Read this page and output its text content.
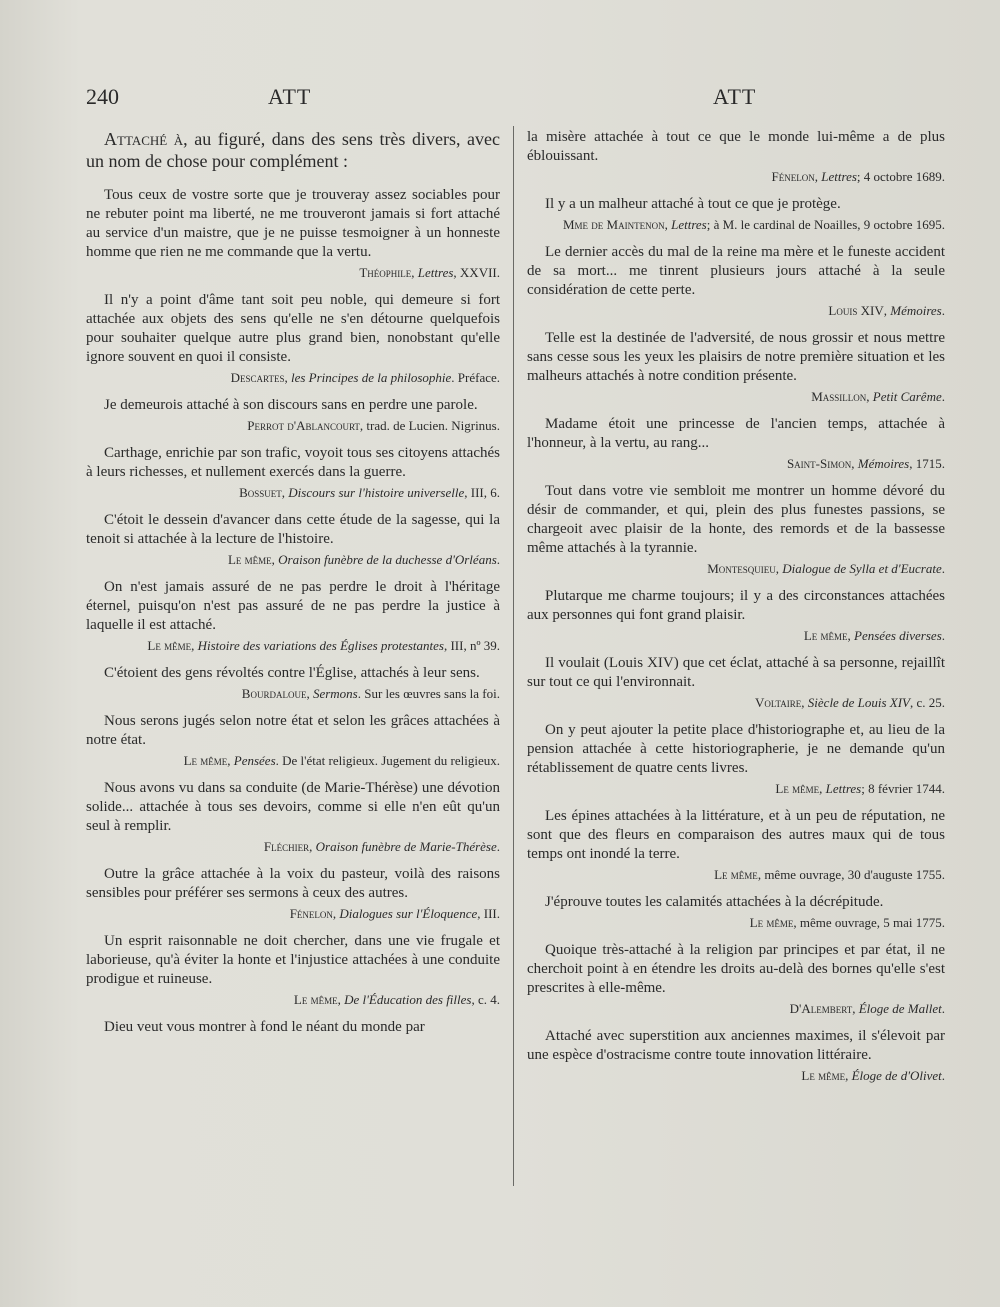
240	ATT	ATT

Attaché à, au figuré, dans des sens très divers, avec un nom de chose pour complément :

Tous ceux de vostre sorte que je trouveray assez sociables pour ne rebuter point ma liberté, ne me trouveront jamais si fort attaché au service d'un maistre, que je ne puisse tesmoigner à un honneste homme que rien ne me commande que la vertu.

Théophile, Lettres, XXVII.

Il n'y a point d'âme tant soit peu noble, qui demeure si fort attachée aux objets des sens qu'elle ne s'en détourne quelquefois pour souhaiter quelque autre plus grand bien, nonobstant qu'elle ignore souvent en quoi il consiste.

Descartes, les Principes de la philosophie. Préface.

Je demeurois attaché à son discours sans en perdre une parole.

Perrot d'Ablancourt, trad. de Lucien. Nigrinus.

Carthage, enrichie par son trafic, voyoit tous ses citoyens attachés à leurs richesses, et nullement exercés dans la guerre.

Bossuet, Discours sur l'histoire universelle, III, 6.

C'étoit le dessein d'avancer dans cette étude de la sagesse, qui la tenoit si attachée à la lecture de l'histoire.

Le même, Oraison funèbre de la duchesse d'Orléans.

On n'est jamais assuré de ne pas perdre le droit à l'héritage éternel, puisqu'on n'est pas assuré de ne pas perdre la justice à laquelle il est attaché.

Le même, Histoire des variations des Églises protestantes, III, nº 39.

C'étoient des gens révoltés contre l'Église, attachés à leur sens.

Bourdaloue, Sermons. Sur les œuvres sans la foi.

Nous serons jugés selon notre état et selon les grâces attachées à notre état.

Le même, Pensées. De l'état religieux. Jugement du religieux.

Nous avons vu dans sa conduite (de Marie-Thérèse) une dévotion solide... attachée à tous ses devoirs, comme si elle n'en eût qu'un seul à remplir.

Fléchier, Oraison funèbre de Marie-Thérèse.

Outre la grâce attachée à la voix du pasteur, voilà des raisons sensibles pour préférer ses sermons à ceux des autres.

Fénelon, Dialogues sur l'Éloquence, III.

Un esprit raisonnable ne doit chercher, dans une vie frugale et laborieuse, qu'à éviter la honte et l'injustice attachées à une conduite prodigue et ruineuse.

Le même, De l'Éducation des filles, c. 4.

Dieu veut vous montrer à fond le néant du monde par

la misère attachée à tout ce que le monde lui-même a de plus éblouissant.

Fénelon, Lettres; 4 octobre 1689.

Il y a un malheur attaché à tout ce que je protège.

Mme de Maintenon, Lettres; à M. le cardinal de Noailles, 9 octobre 1695.

Le dernier accès du mal de la reine ma mère et le funeste accident de sa mort... me tinrent plusieurs jours attaché à la seule considération de cette perte.

Louis XIV, Mémoires.

Telle est la destinée de l'adversité, de nous grossir et nous mettre sans cesse sous les yeux les plaisirs de notre première situation et les malheurs attachés à notre condition présente.

Massillon, Petit Carême.

Madame étoit une princesse de l'ancien temps, attachée à l'honneur, à la vertu, au rang...

Saint-Simon, Mémoires, 1715.

Tout dans votre vie sembloit me montrer un homme dévoré du désir de commander, et qui, plein des plus funestes passions, se chargeoit avec plaisir de la honte, des remords et de la bassesse même attachés à la tyrannie.

Montesquieu, Dialogue de Sylla et d'Eucrate.

Plutarque me charme toujours; il y a des circonstances attachées aux personnes qui font grand plaisir.

Le même, Pensées diverses.

Il voulait (Louis XIV) que cet éclat, attaché à sa personne, rejaillît sur tout ce qui l'environnait.

Voltaire, Siècle de Louis XIV, c. 25.

On y peut ajouter la petite place d'historiographe et, au lieu de la pension attachée à cette historiographerie, je ne demande qu'un rétablissement de quatre cents livres.

Le même, Lettres; 8 février 1744.

Les épines attachées à la littérature, et à un peu de réputation, ne sont que des fleurs en comparaison des autres maux qui de tous temps ont inondé la terre.

Le même, même ouvrage, 30 d'auguste 1755.

J'éprouve toutes les calamités attachées à la décrépitude.

Le même, même ouvrage, 5 mai 1775.

Quoique très-attaché à la religion par principes et par état, il ne cherchoit point à en étendre les droits au-delà des bornes qu'elle s'est prescrites à elle-même.

D'Alembert, Éloge de Mallet.

Attaché avec superstition aux anciennes maximes, il s'élevoit par une espèce d'ostracisme contre toute innovation littéraire.

Le même, Éloge de d'Olivet.
